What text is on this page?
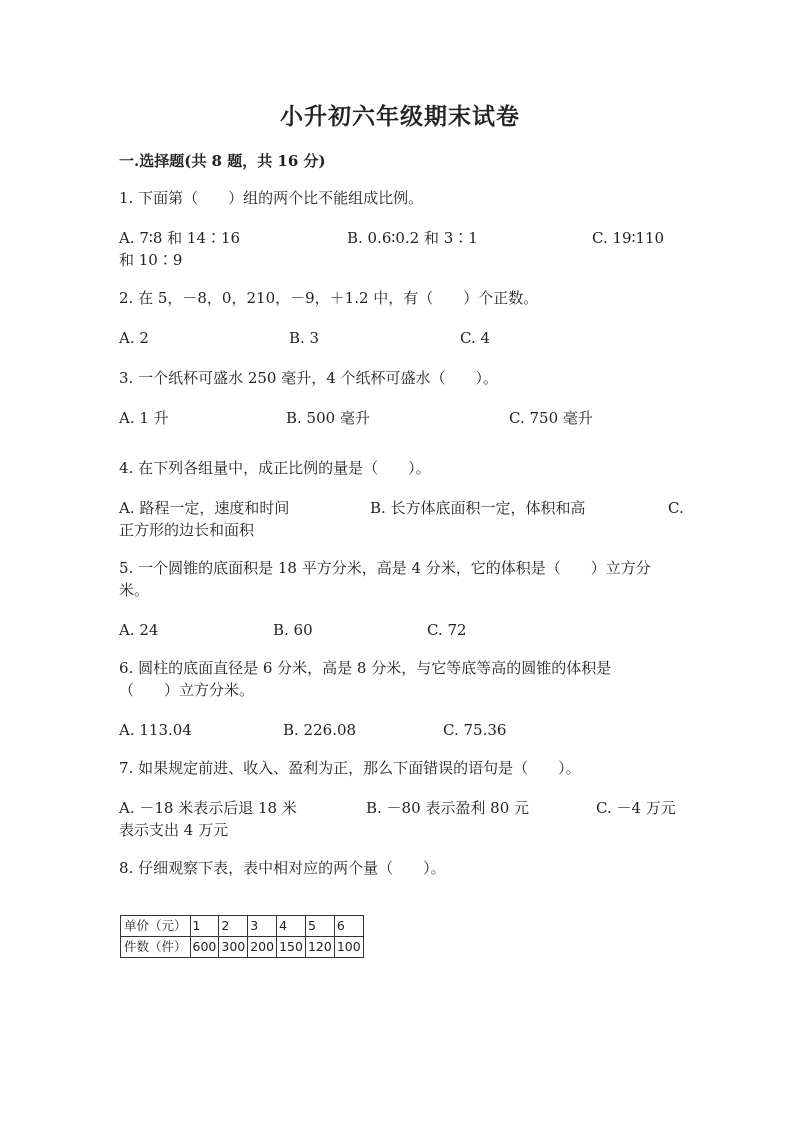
小升初六年级期末试卷
一.选择题(共 8 题，共 16 分)
1. 下面第（　　）组的两个比不能组成比例。
A. 7∶8 和 14∶16	B. 0.6∶0.2 和 3∶1	C. 19∶110
和 10∶9
2. 在 5，－8，0，210，－9，＋1.2 中，有（　　）个正数。
A. 2	B. 3	C. 4
3. 一个纸杯可盛水 250 毫升，4 个纸杯可盛水（　　）。
A. 1 升	B. 500 毫升	C. 750 毫升
4. 在下列各组量中，成正比例的量是（　　）。
A. 路程一定，速度和时间	B. 长方体底面积一定，体积和高	C.
正方形的边长和面积
5. 一个圆锥的底面积是 18 平方分米，高是 4 分米，它的体积是（　　）立方分
米。
A. 24	B. 60	C. 72
6. 圆柱的底面直径是 6 分米，高是 8 分米，与它等底等高的圆锥的体积是
（　　）立方分米。
A. 113.04	B. 226.08	C. 75.36
7. 如果规定前进、收入、盈利为正，那么下面错误的语句是（　　）。
A. －18 米表示后退 18 米	B. －80 表示盈利 80 元	C. －4 万元
表示支出 4 万元
8. 仔细观察下表，表中相对应的两个量（　　）。
单价（元）	1	2	3	4	5	6
件数（件）	600	300	200	150	120	100
